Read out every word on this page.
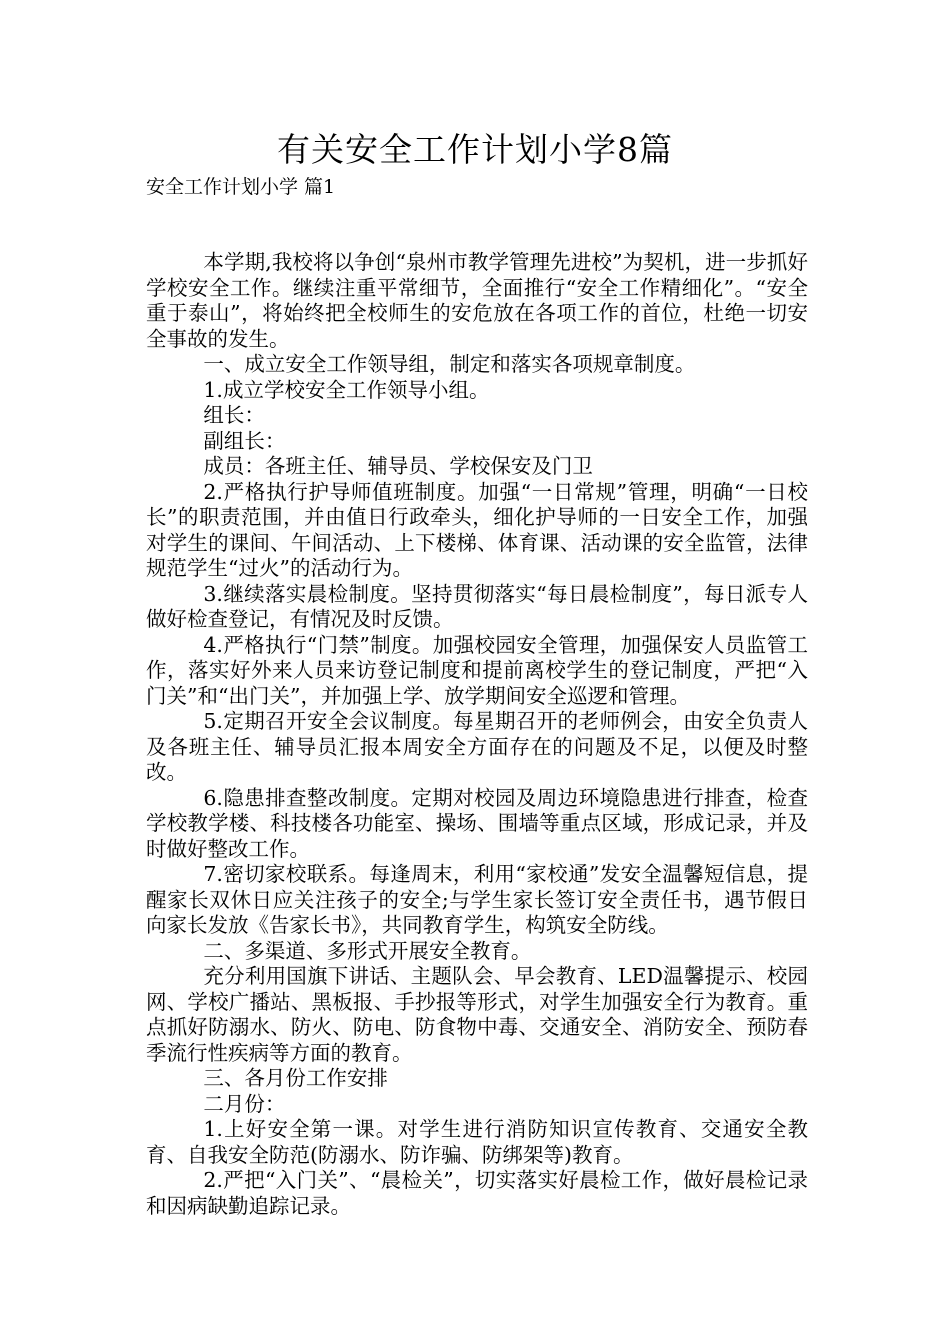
有关安全工作计划小学8篇
安全工作计划小学 篇1

本学期,我校将以争创“泉州市教学管理先进校”为契机，进一步抓好学校安全工作。继续注重平常细节，全面推行“安全工作精细化”。“安全重于泰山”，将始终把全校师生的安危放在各项工作的首位，杜绝一切安全事故的发生。

一、成立安全工作领导组，制定和落实各项规章制度。

1.成立学校安全工作领导小组。

组长：

副组长：

成员：各班主任、辅导员、学校保安及门卫

2.严格执行护导师值班制度。加强“一日常规”管理，明确“一日校长”的职责范围，并由值日行政牵头，细化护导师的一日安全工作，加强对学生的课间、午间活动、上下楼梯、体育课、活动课的安全监管，法律规范学生“过火”的活动行为。

3.继续落实晨检制度。坚持贯彻落实“每日晨检制度”，每日派专人做好检查登记，有情况及时反馈。

4.严格执行“门禁”制度。加强校园安全管理，加强保安人员监管工作，落实好外来人员来访登记制度和提前离校学生的登记制度，严把“入门关”和“出门关”，并加强上学、放学期间安全巡逻和管理。

5.定期召开安全会议制度。每星期召开的老师例会，由安全负责人及各班主任、辅导员汇报本周安全方面存在的问题及不足，以便及时整改。

6.隐患排查整改制度。定期对校园及周边环境隐患进行排查，检查学校教学楼、科技楼各功能室、操场、围墙等重点区域，形成记录，并及时做好整改工作。

7.密切家校联系。每逢周末，利用“家校通”发安全温馨短信息，提醒家长双休日应关注孩子的安全;与学生家长签订安全责任书，遇节假日向家长发放《告家长书》，共同教育学生，构筑安全防线。

二、多渠道、多形式开展安全教育。

充分利用国旗下讲话、主题队会、早会教育、LED温馨提示、校园网、学校广播站、黑板报、手抄报等形式，对学生加强安全行为教育。重点抓好防溺水、防火、防电、防食物中毒、交通安全、消防安全、预防春季流行性疾病等方面的教育。

三、各月份工作安排

二月份：

1.上好安全第一课。对学生进行消防知识宣传教育、交通安全教育、自我安全防范(防溺水、防诈骗、防绑架等)教育。

2.严把“入门关”、“晨检关”，切实落实好晨检工作，做好晨检记录和因病缺勤追踪记录。
